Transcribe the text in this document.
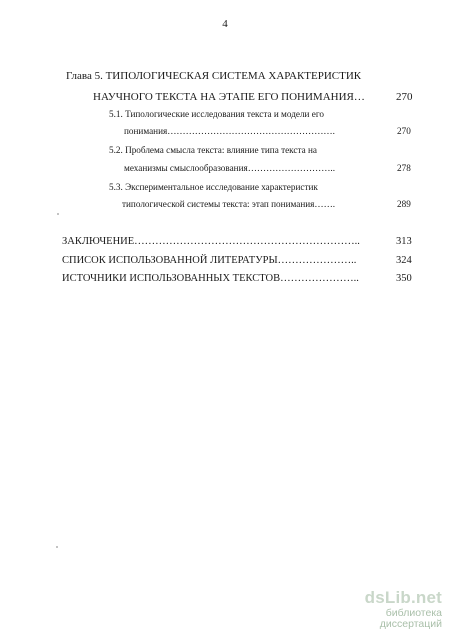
4
Глава 5. ТИПОЛОГИЧЕСКАЯ СИСТЕМА ХАРАКТЕРИСТИК
НАУЧНОГО ТЕКСТА НА ЭТАПЕ ЕГО ПОНИМАНИЯ…	270
5.1. Типологические исследования текста и модели его
понимания……………………………………………….	270
5.2. Проблема смысла текста: влияние типа текста на
механизмы смыслообразования………………………..	278
5.3. Экспериментальное исследование характеристик
типологической системы текста: этап понимания…….	289
ЗАКЛЮЧЕНИЕ………………………………………………………..	313
СПИСОК ИСПОЛЬЗОВАННОЙ ЛИТЕРАТУРЫ…………………..	324
ИСТОЧНИКИ ИСПОЛЬЗОВАННЫХ ТЕКСТОВ…………………..	350
dsLib.net
библиотека диссертаций
